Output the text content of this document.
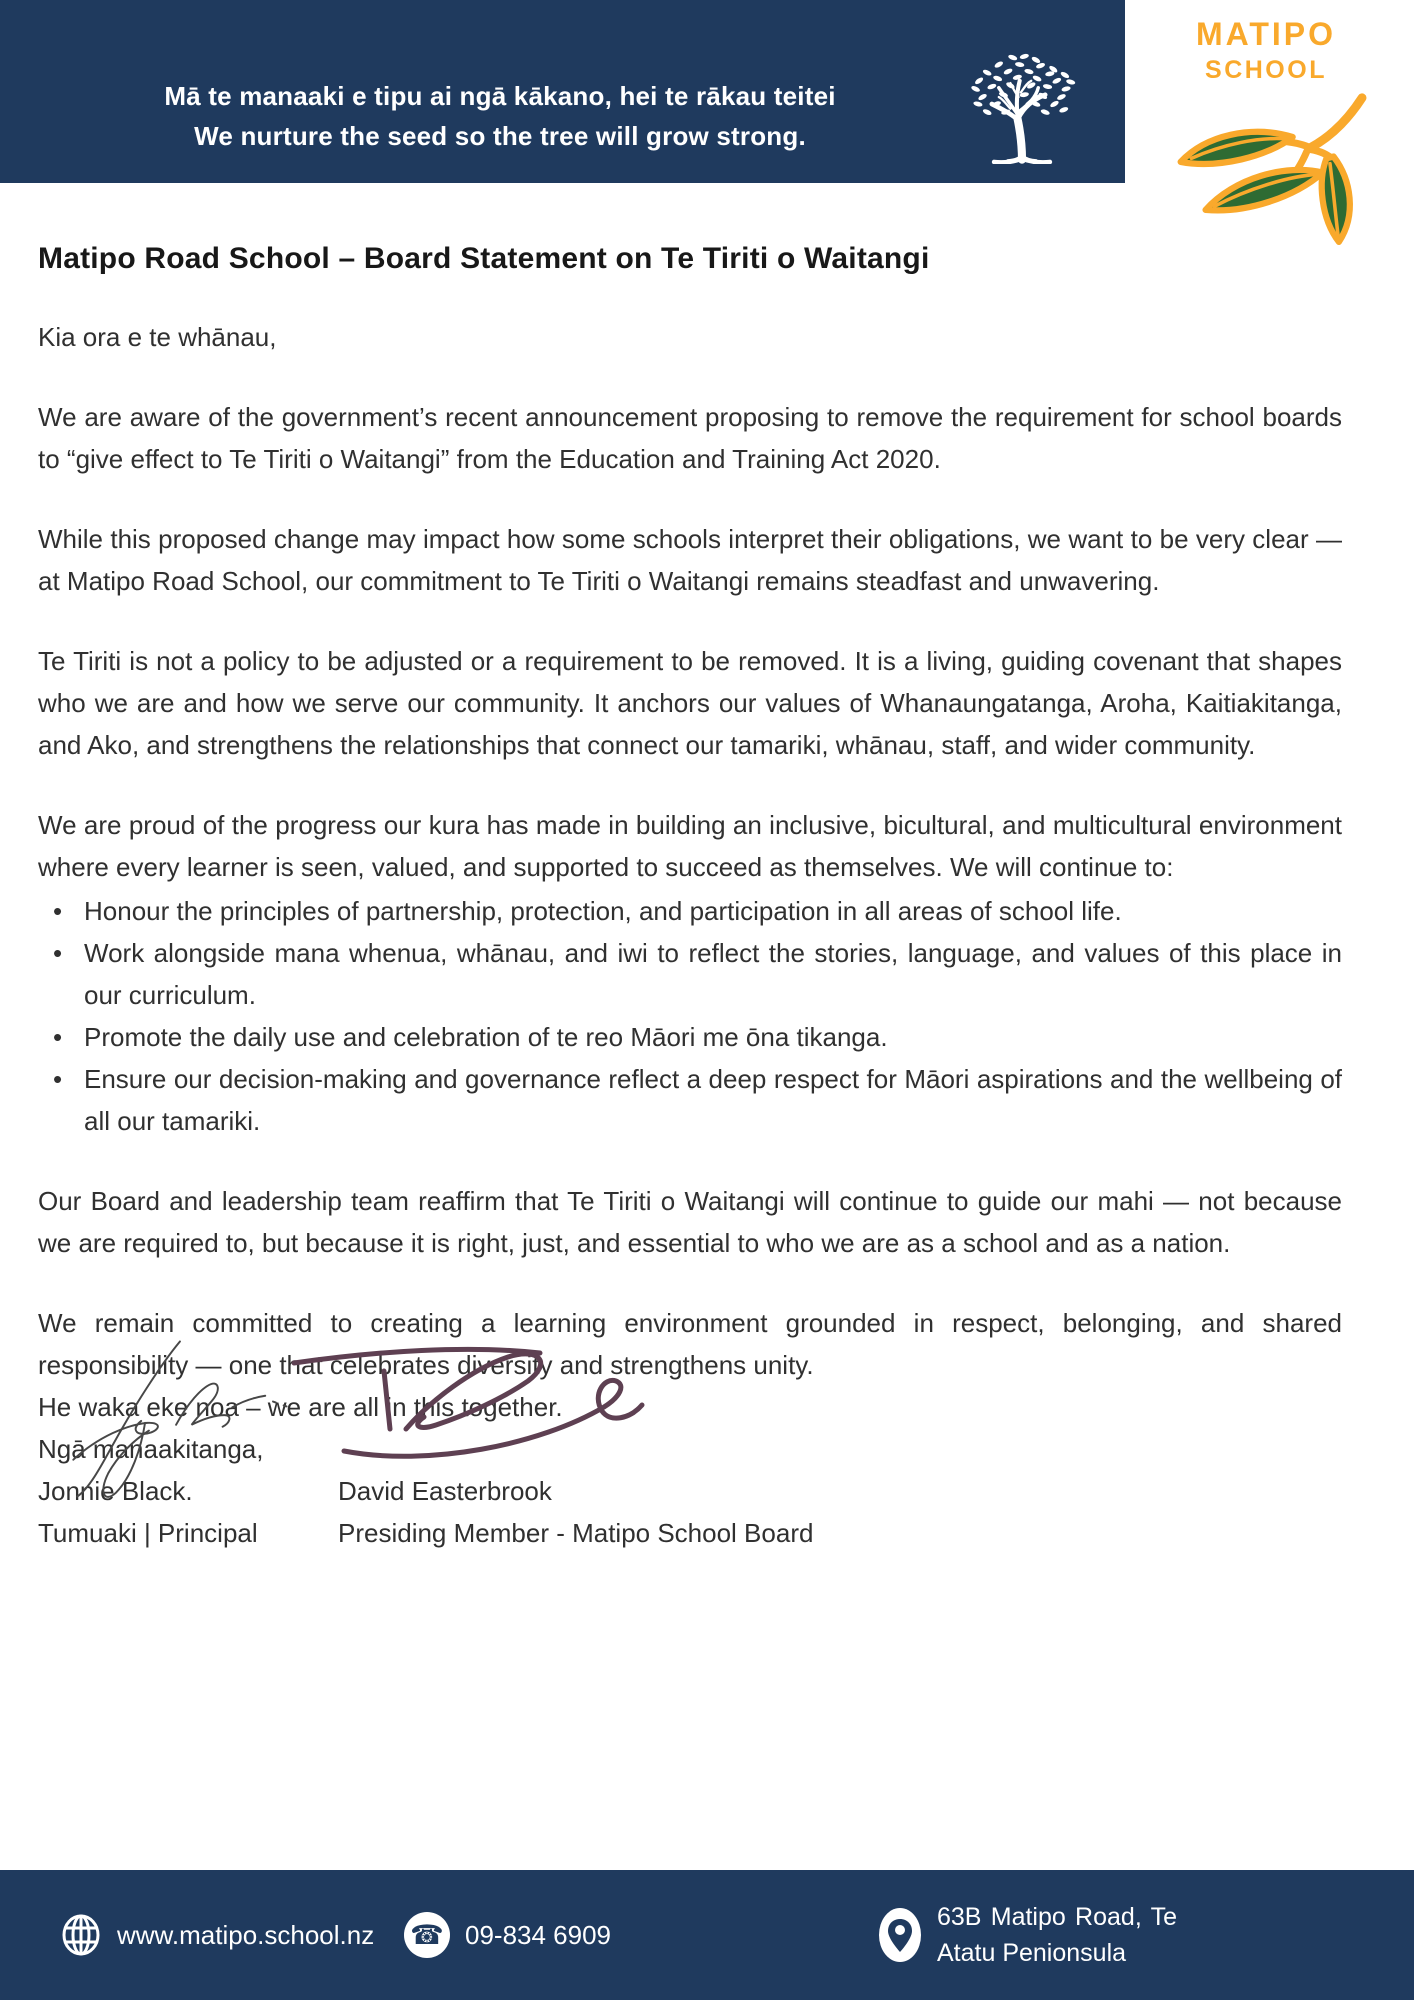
Mā te manaaki e tipu ai ngā kākano, hei te rākau teitei
We nurture the seed so the tree will grow strong.
MATIPO
SCHOOL
Matipo Road School – Board Statement on Te Tiriti o Waitangi

Kia ora e te whānau,

We are aware of the government’s recent announcement proposing to remove the requirement for school boards to “give effect to Te Tiriti o Waitangi” from the Education and Training Act 2020.

While this proposed change may impact how some schools interpret their obligations, we want to be very clear — at Matipo Road School, our commitment to Te Tiriti o Waitangi remains steadfast and unwavering.

Te Tiriti is not a policy to be adjusted or a requirement to be removed. It is a living, guiding covenant that shapes who we are and how we serve our community. It anchors our values of Whanaungatanga, Aroha, Kaitiakitanga, and Ako, and strengthens the relationships that connect our tamariki, whānau, staff, and wider community.

We are proud of the progress our kura has made in building an inclusive, bicultural, and multicultural environment where every learner is seen, valued, and supported to succeed as themselves. We will continue to:

• Honour the principles of partnership, protection, and participation in all areas of school life.
• Work alongside mana whenua, whānau, and iwi to reflect the stories, language, and values of this place in our curriculum.
• Promote the daily use and celebration of te reo Māori me ōna tikanga.
• Ensure our decision-making and governance reflect a deep respect for Māori aspirations and the wellbeing of all our tamariki.

Our Board and leadership team reaffirm that Te Tiriti o Waitangi will continue to guide our mahi — not because we are required to, but because it is right, just, and essential to who we are as a school and as a nation.

We remain committed to creating a learning environment grounded in respect, belonging, and shared responsibility — one that celebrates diversity and strengthens unity.

He waka eke noa – we are all in this together.

Ngā manaakitanga,
Jonnie Black.
Tumuaki | Principal
David Easterbrook
Presiding Member - Matipo School Board
www.matipo.school.nz ☎ 09-834 6909
63B Matipo Road, Te Atatu Penionsula
